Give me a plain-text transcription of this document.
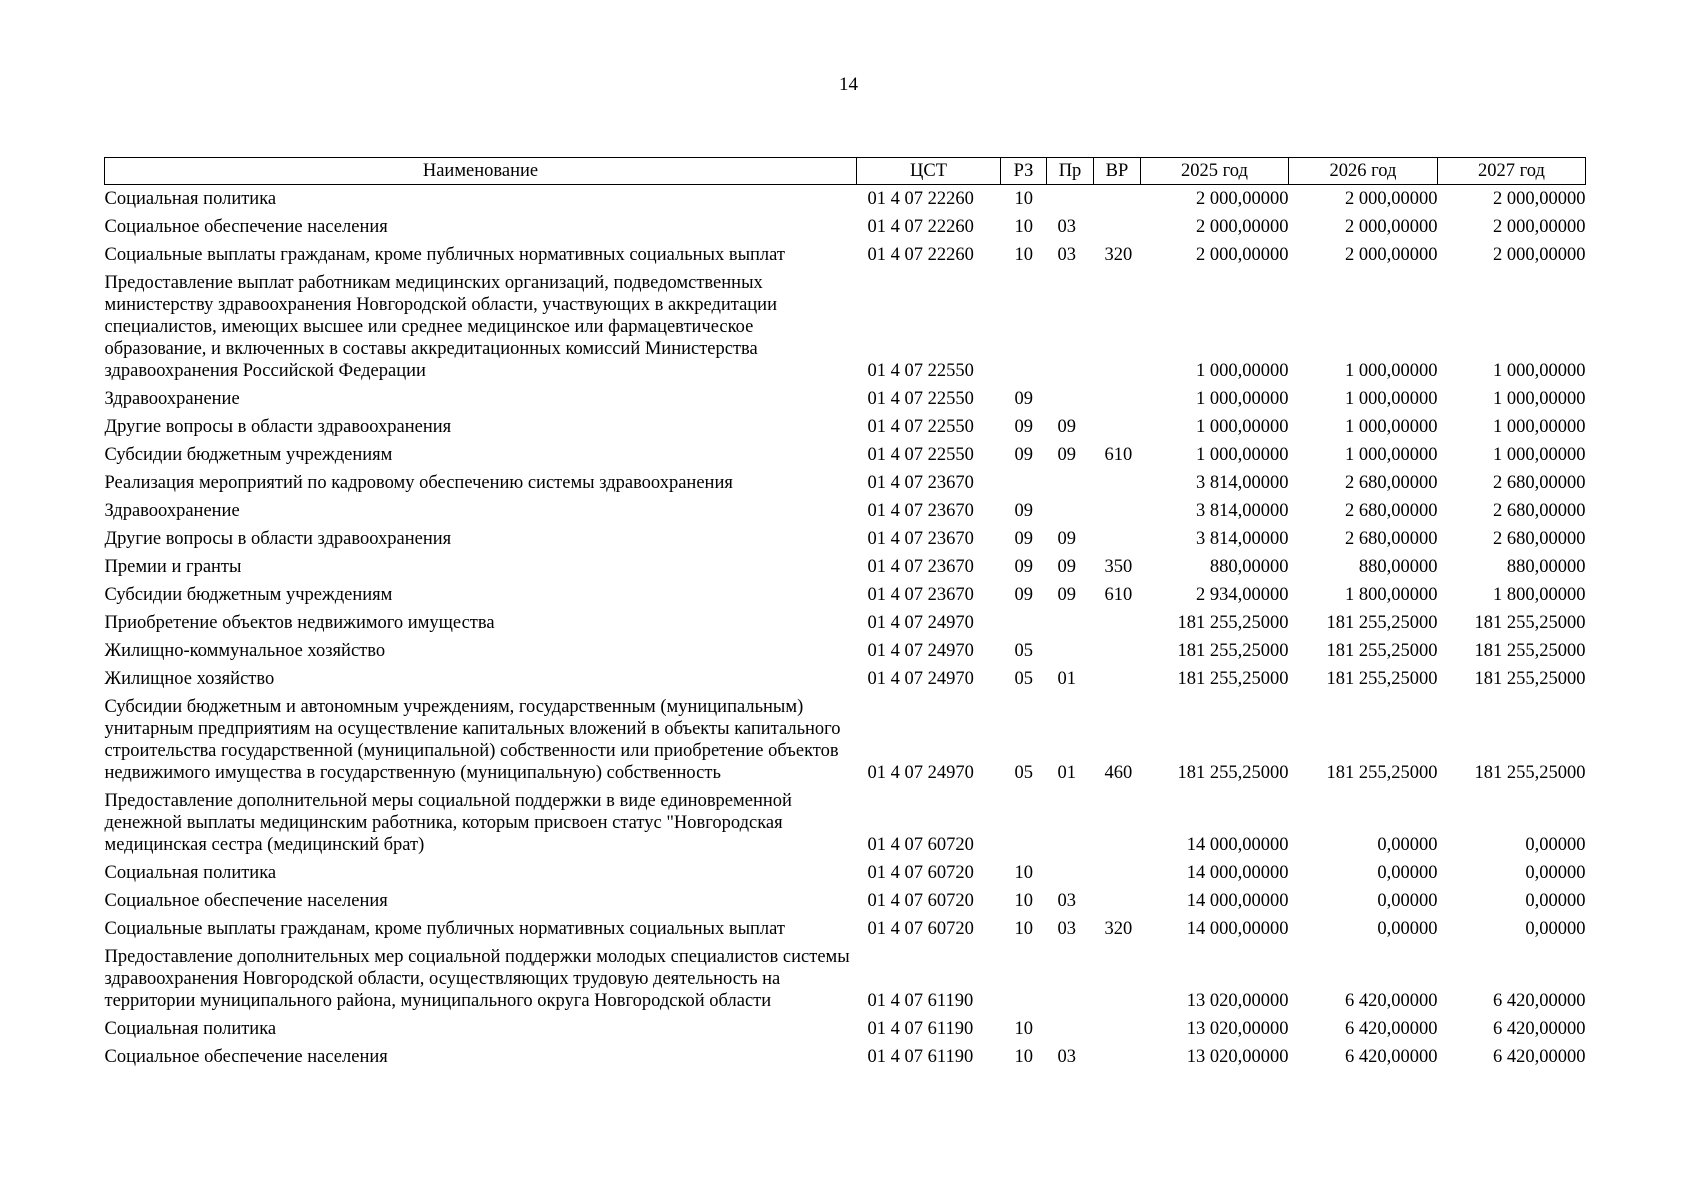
14
Наименование	ЦСТ	РЗ	Пр	ВР	2025 год	2026 год	2027 год
Социальная политика	01 4 07 22260	10			2 000,00000	2 000,00000	2 000,00000
Социальное обеспечение населения	01 4 07 22260	10	03		2 000,00000	2 000,00000	2 000,00000
Социальные выплаты гражданам, кроме публичных нормативных социальных выплат	01 4 07 22260	10	03	320	2 000,00000	2 000,00000	2 000,00000
Предоставление выплат работникам медицинских организаций, подведомственных министерству здравоохранения Новгородской области, участвующих в аккредитации специалистов, имеющих высшее или среднее медицинское или фармацевтическое образование, и включенных в составы аккредитационных комиссий Министерства здравоохранения Российской Федерации	01 4 07 22550				1 000,00000	1 000,00000	1 000,00000
Здравоохранение	01 4 07 22550	09			1 000,00000	1 000,00000	1 000,00000
Другие вопросы в области здравоохранения	01 4 07 22550	09	09		1 000,00000	1 000,00000	1 000,00000
Субсидии бюджетным учреждениям	01 4 07 22550	09	09	610	1 000,00000	1 000,00000	1 000,00000
Реализация мероприятий по кадровому обеспечению системы здравоохранения	01 4 07 23670				3 814,00000	2 680,00000	2 680,00000
Здравоохранение	01 4 07 23670	09			3 814,00000	2 680,00000	2 680,00000
Другие вопросы в области здравоохранения	01 4 07 23670	09	09		3 814,00000	2 680,00000	2 680,00000
Премии и гранты	01 4 07 23670	09	09	350	880,00000	880,00000	880,00000
Субсидии бюджетным учреждениям	01 4 07 23670	09	09	610	2 934,00000	1 800,00000	1 800,00000
Приобретение объектов недвижимого имущества	01 4 07 24970				181 255,25000	181 255,25000	181 255,25000
Жилищно-коммунальное хозяйство	01 4 07 24970	05			181 255,25000	181 255,25000	181 255,25000
Жилищное хозяйство	01 4 07 24970	05	01		181 255,25000	181 255,25000	181 255,25000
Субсидии бюджетным и автономным учреждениям, государственным (муниципальным) унитарным предприятиям на осуществление капитальных вложений в объекты капитального строительства государственной (муниципальной) собственности или приобретение объектов недвижимого имущества в государственную (муниципальную) собственность	01 4 07 24970	05	01	460	181 255,25000	181 255,25000	181 255,25000
Предоставление дополнительной меры социальной поддержки в виде единовременной денежной выплаты медицинским работника, которым присвоен статус "Новгородская медицинская сестра (медицинский брат)	01 4 07 60720				14 000,00000	0,00000	0,00000
Социальная политика	01 4 07 60720	10			14 000,00000	0,00000	0,00000
Социальное обеспечение населения	01 4 07 60720	10	03		14 000,00000	0,00000	0,00000
Социальные выплаты гражданам, кроме публичных нормативных социальных выплат	01 4 07 60720	10	03	320	14 000,00000	0,00000	0,00000
Предоставление дополнительных мер социальной поддержки молодых специалистов системы здравоохранения Новгородской области, осуществляющих трудовую деятельность на территории муниципального района, муниципального округа Новгородской области	01 4 07 61190				13 020,00000	6 420,00000	6 420,00000
Социальная политика	01 4 07 61190	10			13 020,00000	6 420,00000	6 420,00000
Социальное обеспечение населения	01 4 07 61190	10	03		13 020,00000	6 420,00000	6 420,00000
